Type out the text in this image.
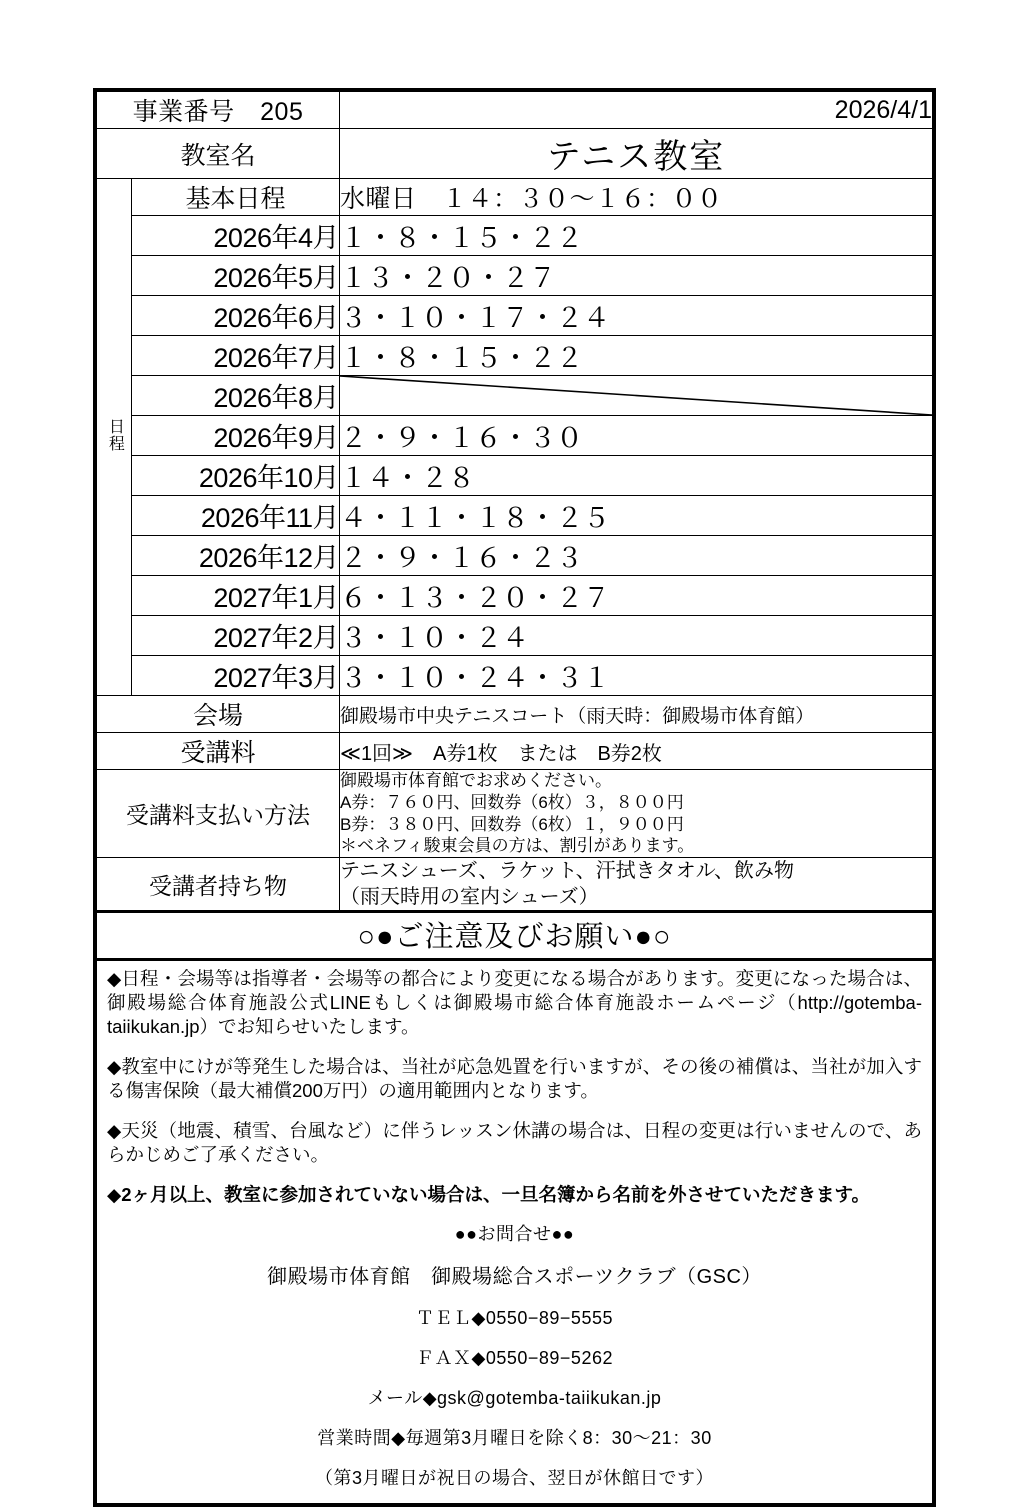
事業番号　205		2026/4/1
教室名		テニス教室
日程	基本日程	水曜日　１４：３０～１６：００
	2026年4月	１・８・１５・２２
	2026年5月	１３・２０・２７
	2026年6月	３・１０・１７・２４
	2026年7月	１・８・１５・２２
	2026年8月	

	2026年9月	２・９・１６・３０
	2026年10月	１４・２８
	2026年11月	４・１１・１８・２５
	2026年12月	２・９・１６・２３
	2027年1月	６・１３・２０・２７
	2027年2月	３・１０・２４
	2027年3月	３・１０・２４・３１
会場		御殿場市中央テニスコート（雨天時：御殿場市体育館）
受講料		≪1回≫　A券1枚　または　B券2枚
受講料支払い方法		御殿場市体育館でお求めください。
A券：７６０円、回数券（6枚）３，８００円
B券：３８０円、回数券（6枚）１，９００円
＊ベネフィ駿東会員の方は、割引があります。

受講者持ち物		テニスシューズ、ラケット、汗拭きタオル、飲み物
（雨天時用の室内シューズ）

○●ご注意及びお願い●○

◆日程・会場等は指導者・会場等の都合により変更になる場合があります。変更になった場合は、御殿場総合体育施設公式LINEもしくは御殿場市総合体育施設ホームページ（http://gotemba-taiikukan.jp）でお知らせいたします。

◆教室中にけが等発生した場合は、当社が応急処置を行いますが、その後の補償は、当社が加入する傷害保険（最大補償200万円）の適用範囲内となります。

◆天災（地震、積雪、台風など）に伴うレッスン休講の場合は、日程の変更は行いませんので、あらかじめご了承ください。

◆2ヶ月以上、教室に参加されていない場合は、一旦名簿から名前を外させていただきます。

●●お問合せ●●

御殿場市体育館　御殿場総合スポーツクラブ（GSC）

ＴＥＬ◆0550−89−5555

ＦＡＸ◆0550−89−5262

メール◆gsk@gotemba-taiikukan.jp

営業時間◆毎週第3月曜日を除く8：30～21：30

（第3月曜日が祝日の場合、翌日が休館日です）
